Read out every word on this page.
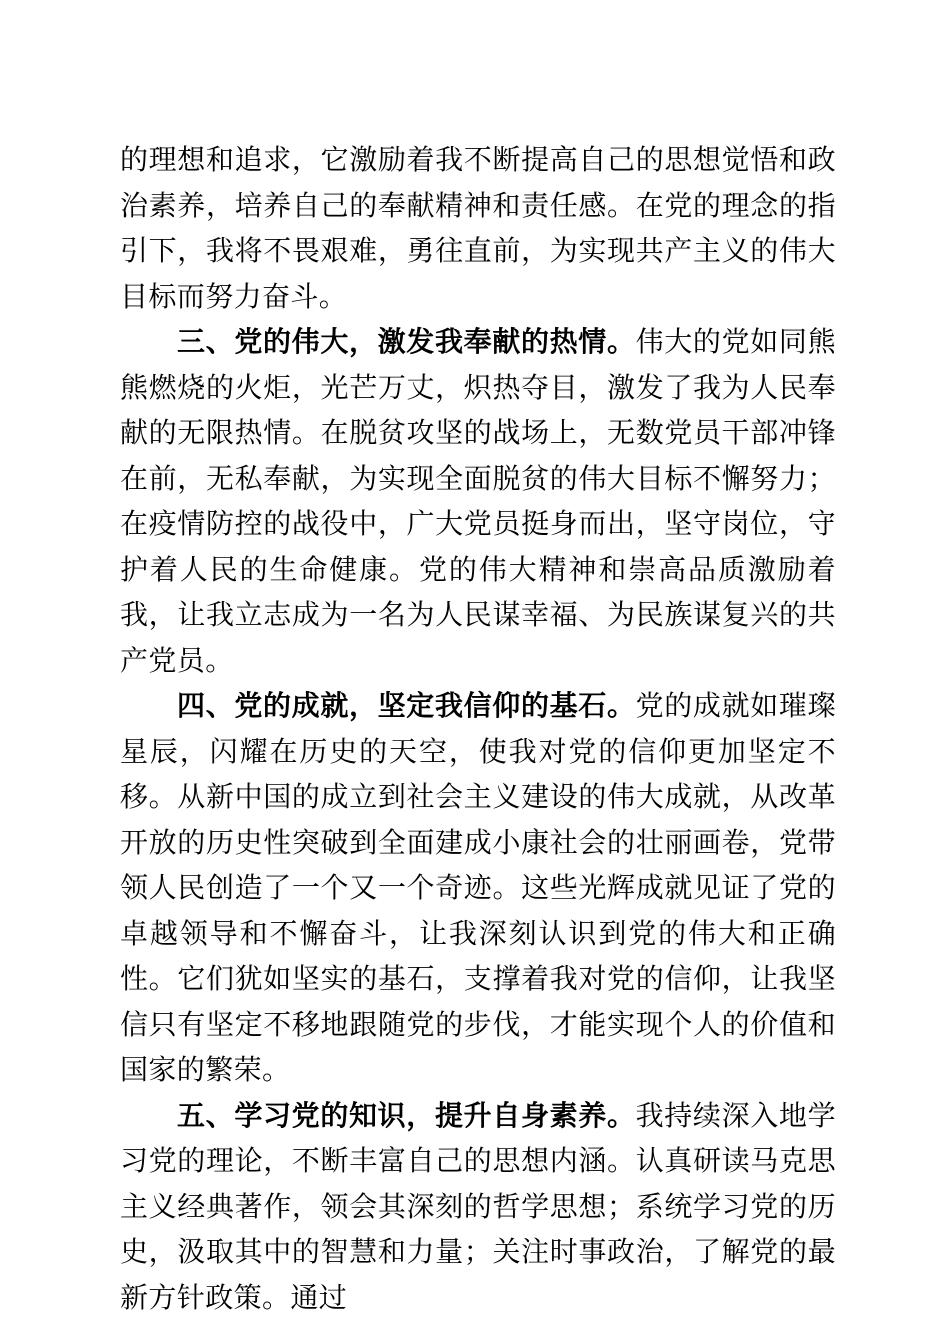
的理想和追求，它激励着我不断提高自己的思想觉悟和政治素养，培养自己的奉献精神和责任感。在党的理念的指引下，我将不畏艰难，勇往直前，为实现共产主义的伟大目标而努力奋斗。

三、党的伟大，激发我奉献的热情。伟大的党如同熊熊燃烧的火炬，光芒万丈，炽热夺目，激发了我为人民奉献的无限热情。在脱贫攻坚的战场上，无数党员干部冲锋在前，无私奉献，为实现全面脱贫的伟大目标不懈努力；在疫情防控的战役中，广大党员挺身而出，坚守岗位，守护着人民的生命健康。党的伟大精神和崇高品质激励着我，让我立志成为一名为人民谋幸福、为民族谋复兴的共产党员。

四、党的成就，坚定我信仰的基石。党的成就如璀璨星辰，闪耀在历史的天空，使我对党的信仰更加坚定不移。从新中国的成立到社会主义建设的伟大成就，从改革开放的历史性突破到全面建成小康社会的壮丽画卷，党带领人民创造了一个又一个奇迹。这些光辉成就见证了党的卓越领导和不懈奋斗，让我深刻认识到党的伟大和正确性。它们犹如坚实的基石，支撑着我对党的信仰，让我坚信只有坚定不移地跟随党的步伐，才能实现个人的价值和国家的繁荣。

五、学习党的知识，提升自身素养。我持续深入地学习党的理论，不断丰富自己的思想内涵。认真研读马克思主义经典著作，领会其深刻的哲学思想；系统学习党的历史，汲取其中的智慧和力量；关注时事政治，了解党的最新方针政策。通过
